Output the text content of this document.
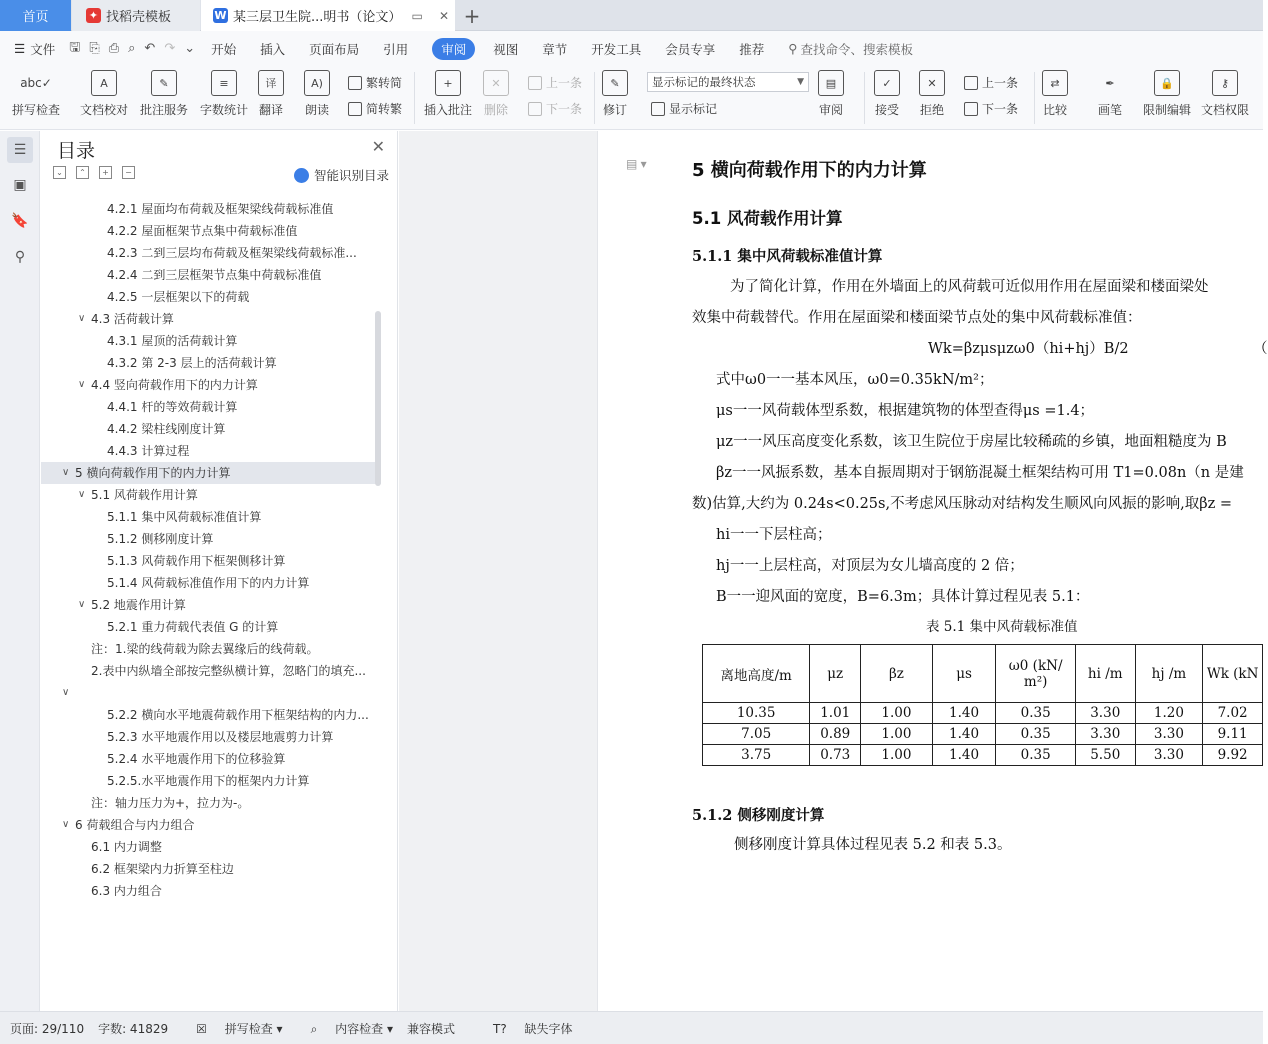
首页	✦ 找稻壳模板	W 某三层卫生院...明书（论文） ▭ ✕ +
☰ 文件 🖫 ⎘ ⎙ ⌕ ↶ ↷ ⌄ 开始 插入 页面布局 引用	审阅	视图 章节 开发工具 会员专享 推荐 ⚲ 查找命令、搜索模板
abc✓
拼写检查
A
文档校对
✎
批注服务
≡
字数统计
译
翻译
A)
朗读
繁转简
简转繁
+
插入批注
✕
删除
上一条
下一条
✎
修订
显示标记的最终状态	▼
显示标记
▤
审阅
✓
接受
✕
拒绝
上一条
下一条
⇄
比较
✒
画笔
🔒
限制编辑
⚷
文档权限
☰
▣
🔖
⚲
目录	✕
⌄	⌃	+	−	智能识别目录
4.2.1 屋面均布荷载及框架梁线荷载标准值
4.2.2 屋面框架节点集中荷载标准值
4.2.3 二到三层均布荷载及框架梁线荷载标准...
4.2.4 二到三层框架节点集中荷载标准值
4.2.5 一层框架以下的荷载
∨ 4.3 活荷载计算
4.3.1 屋顶的活荷载计算
4.3.2 第 2-3 层上的活荷载计算
∨ 4.4 竖向荷载作用下的内力计算
4.4.1 杆的等效荷载计算
4.4.2 梁柱线刚度计算
4.4.3 计算过程
∨ 5 横向荷载作用下的内力计算
∨ 5.1 风荷载作用计算
5.1.1 集中风荷载标准值计算
5.1.2 侧移刚度计算
5.1.3 风荷载作用下框架侧移计算
5.1.4 风荷载标准值作用下的内力计算
∨ 5.2 地震作用计算
5.2.1 重力荷载代表值 G 的计算
注：1.梁的线荷载为除去翼缘后的线荷载。
2.表中内纵墙全部按完整纵横计算，忽略门的填充...
∨
5.2.2 横向水平地震荷载作用下框架结构的内力...
5.2.3 水平地震作用以及楼层地震剪力计算
5.2.4 水平地震作用下的位移验算
5.2.5.水平地震作用下的框架内力计算
注：轴力压力为+，拉力为-。
∨ 6 荷载组合与内力组合
6.1 内力调整
6.2 框架梁内力折算至柱边
6.3 内力组合
▤ ▾	5 横向荷载作用下的内力计算
5.1 风荷载作用计算
5.1.1 集中风荷载标准值计算
为了简化计算，作用在外墙面上的风荷载可近似用作用在屋面梁和楼面梁处
效集中荷载替代。作用在屋面梁和楼面梁节点处的集中风荷载标准值：
Wk=βzμsμzω0（hi+hj）B/2	（
式中ω0一一基本风压，ω0=0.35kN/m²；
μs一一风荷载体型系数，根据建筑物的体型查得μs =1.4；
μz一一风压高度变化系数，该卫生院位于房屋比较稀疏的乡镇，地面粗糙度为 B
βz一一风振系数，基本自振周期对于钢筋混凝土框架结构可用 T1=0.08n（n 是建
数)估算,大约为 0.24s<0.25s,不考虑风压脉动对结构发生顺风向风振的影响,取βz =
hi一一下层柱高；
hj一一上层柱高，对顶层为女儿墙高度的 2 倍；
B一一迎风面的宽度，B=6.3m；具体计算过程见表 5.1：
表 5.1 集中风荷载标准值
离地高度/m	μz	βz	μs	ω0 (kN/ m²)	hi /m	hj /m	Wk (kN
10.35	1.01	1.00	1.40	0.35	3.30	1.20	7.02
7.05	0.89	1.00	1.40	0.35	3.30	3.30	9.11
3.75	0.73	1.00	1.40	0.35	5.50	3.30	9.92
5.1.2 侧移刚度计算
侧移刚度计算具体过程见表 5.2 和表 5.3。
页面: 29/110 字数: 41829	☒ 拼写检查 ▾	⌕ 内容检查 ▾ 兼容模式	T? 缺失字体
